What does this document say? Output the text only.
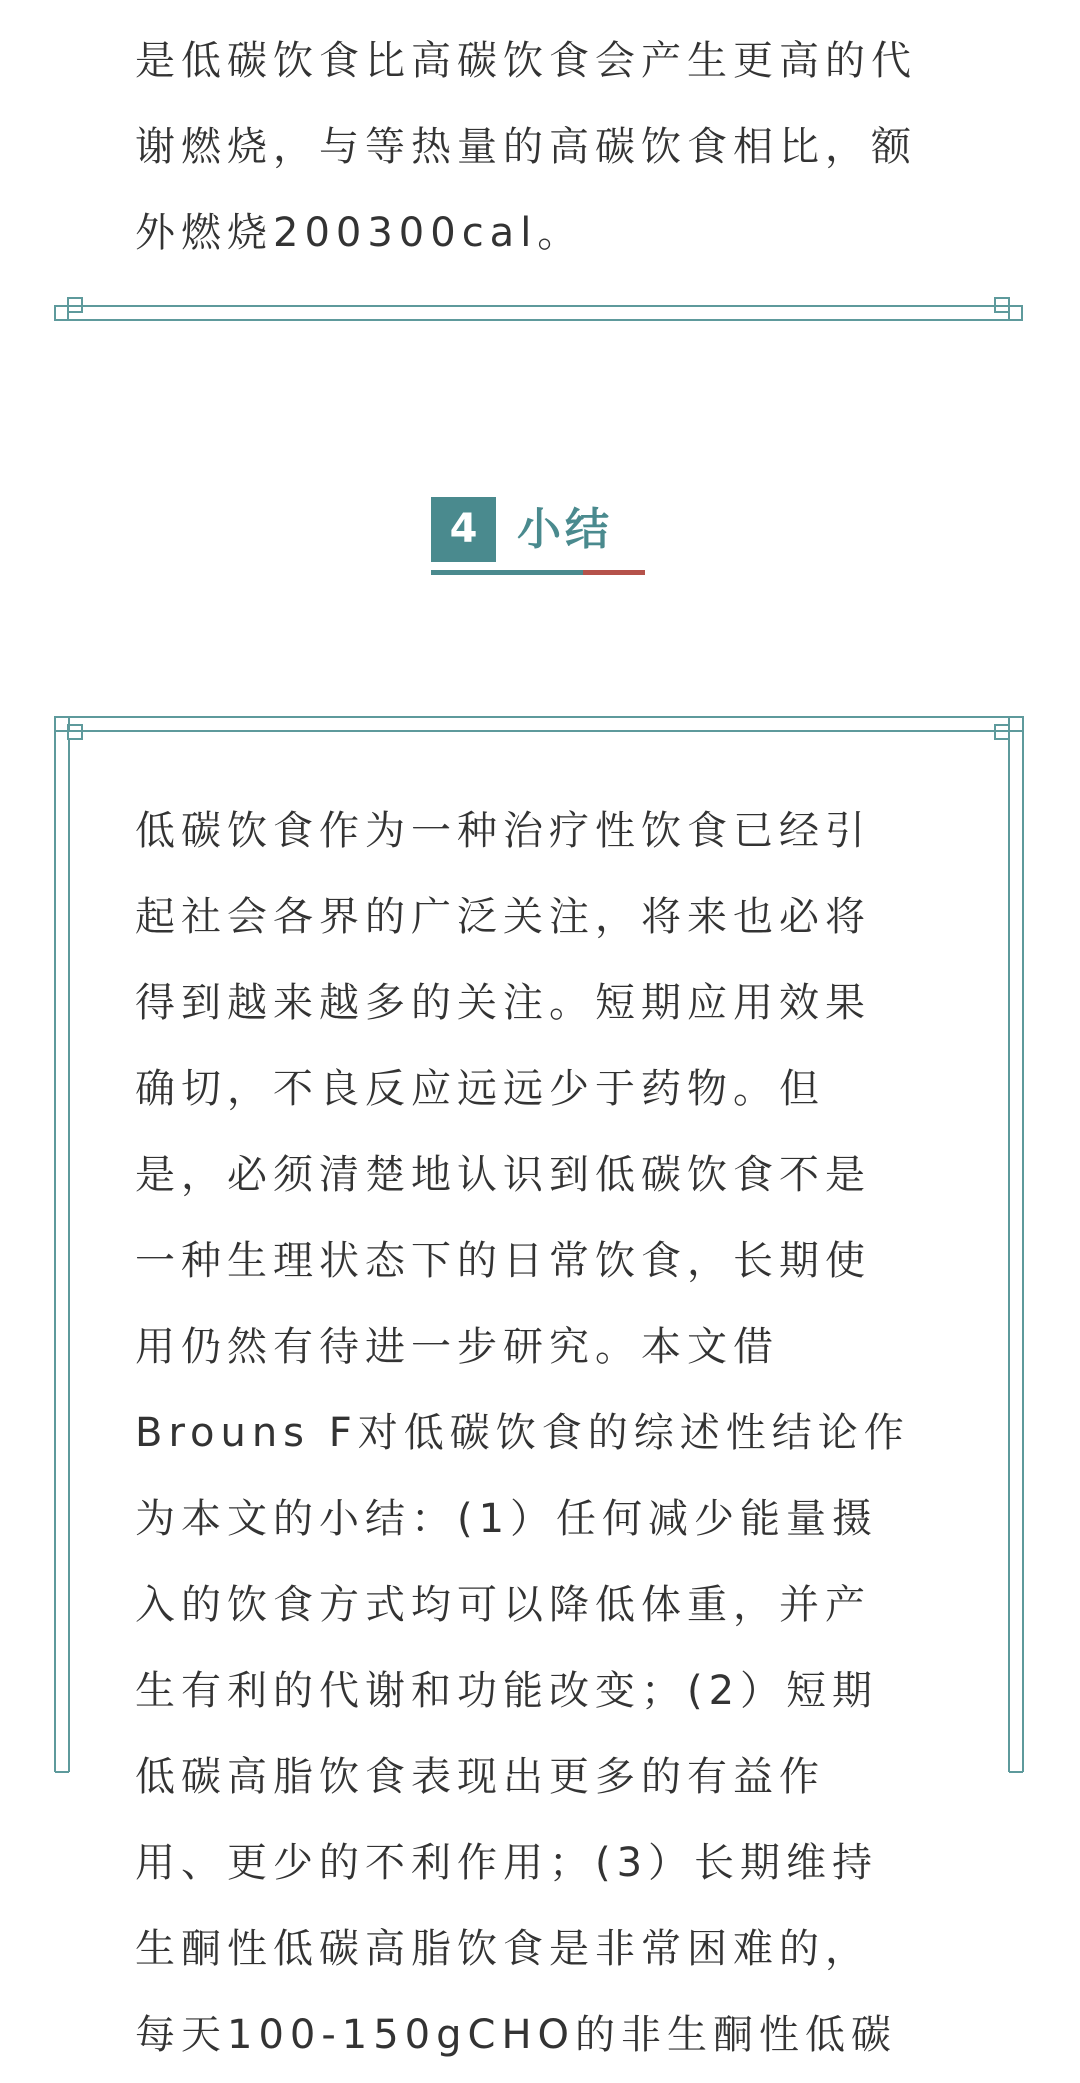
是低碳饮食比高碳饮食会产生更高的代
谢燃烧，与等热量的高碳饮食相比，额
外燃烧200300cal。
4 小结
低碳饮食作为一种治疗性饮食已经引
起社会各界的广泛关注，将来也必将
得到越来越多的关注。短期应用效果
确切，不良反应远远少于药物。但
是，必须清楚地认识到低碳饮食不是
一种生理状态下的日常饮食，长期使
用仍然有待进一步研究。本文借
Brouns F对低碳饮食的综述性结论作
为本文的小结：(1）任何减少能量摄
入的饮食方式均可以降低体重，并产
生有利的代谢和功能改变；(2）短期
低碳高脂饮食表现出更多的有益作
用、更少的不利作用；(3）长期维持
生酮性低碳高脂饮食是非常困难的，
每天100-150gCHO的非生酮性低碳
